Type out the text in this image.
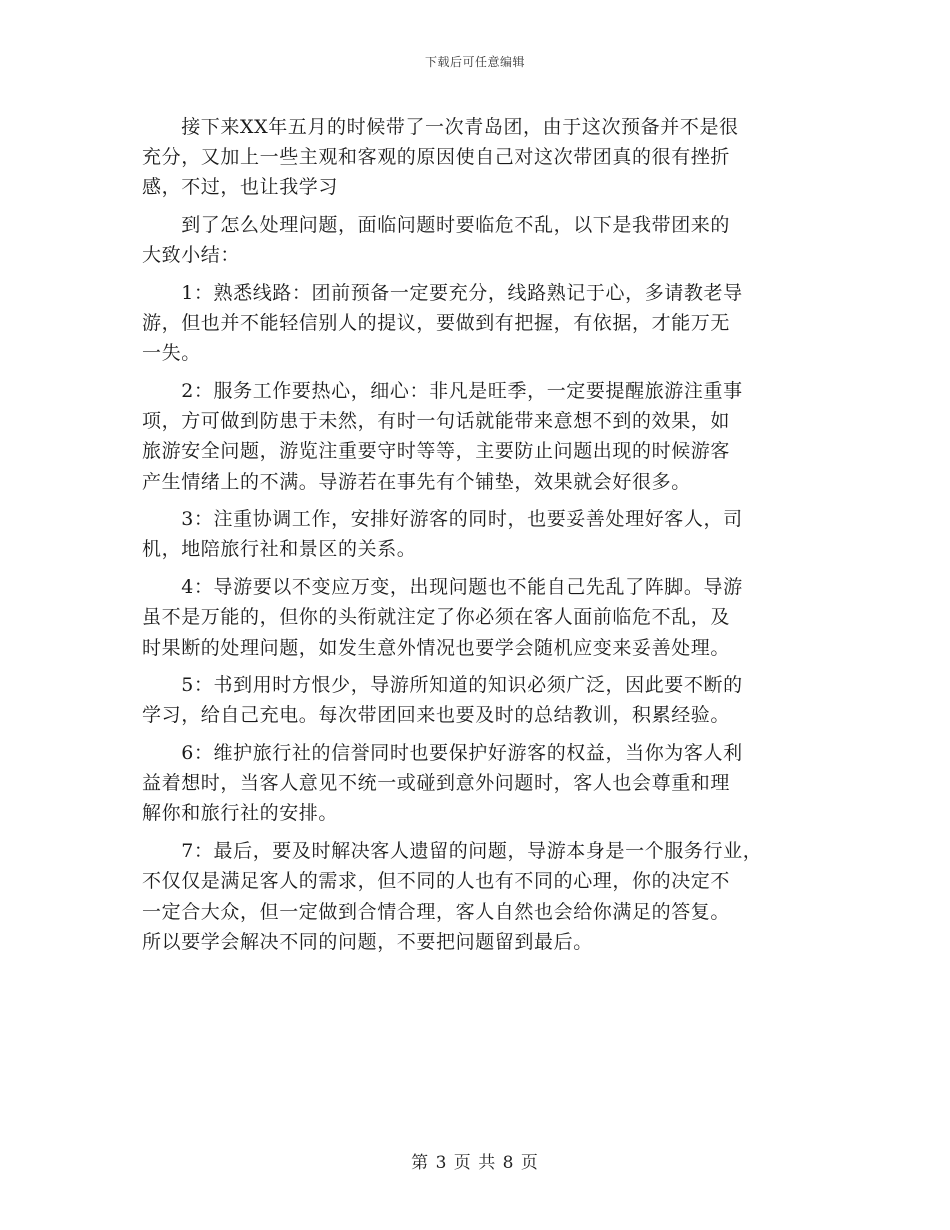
下载后可任意编辑
　　接下来XX年五月的时候带了一次青岛团，由于这次预备并不是很
充分，又加上一些主观和客观的原因使自己对这次带团真的很有挫折
感，不过，也让我学习
　　到了怎么处理问题，面临问题时要临危不乱，以下是我带团来的
大致小结：
　　1：熟悉线路：团前预备一定要充分，线路熟记于心，多请教老导
游，但也并不能轻信别人的提议，要做到有把握，有依据，才能万无
一失。
　　2：服务工作要热心，细心：非凡是旺季，一定要提醒旅游注重事
项，方可做到防患于未然，有时一句话就能带来意想不到的效果，如
旅游安全问题，游览注重要守时等等，主要防止问题出现的时候游客
产生情绪上的不满。导游若在事先有个铺垫，效果就会好很多。
　　3：注重协调工作，安排好游客的同时，也要妥善处理好客人，司
机，地陪旅行社和景区的关系。
　　4：导游要以不变应万变，出现问题也不能自己先乱了阵脚。导游
虽不是万能的，但你的头衔就注定了你必须在客人面前临危不乱，及
时果断的处理问题，如发生意外情况也要学会随机应变来妥善处理。
　　5：书到用时方恨少，导游所知道的知识必须广泛，因此要不断的
学习，给自己充电。每次带团回来也要及时的总结教训，积累经验。
　　6：维护旅行社的信誉同时也要保护好游客的权益，当你为客人利
益着想时，当客人意见不统一或碰到意外问题时，客人也会尊重和理
解你和旅行社的安排。
　　7：最后，要及时解决客人遗留的问题，导游本身是一个服务行业，
不仅仅是满足客人的需求，但不同的人也有不同的心理，你的决定不
一定合大众，但一定做到合情合理，客人自然也会给你满足的答复。
所以要学会解决不同的问题，不要把问题留到最后。
第 3 页 共 8 页
